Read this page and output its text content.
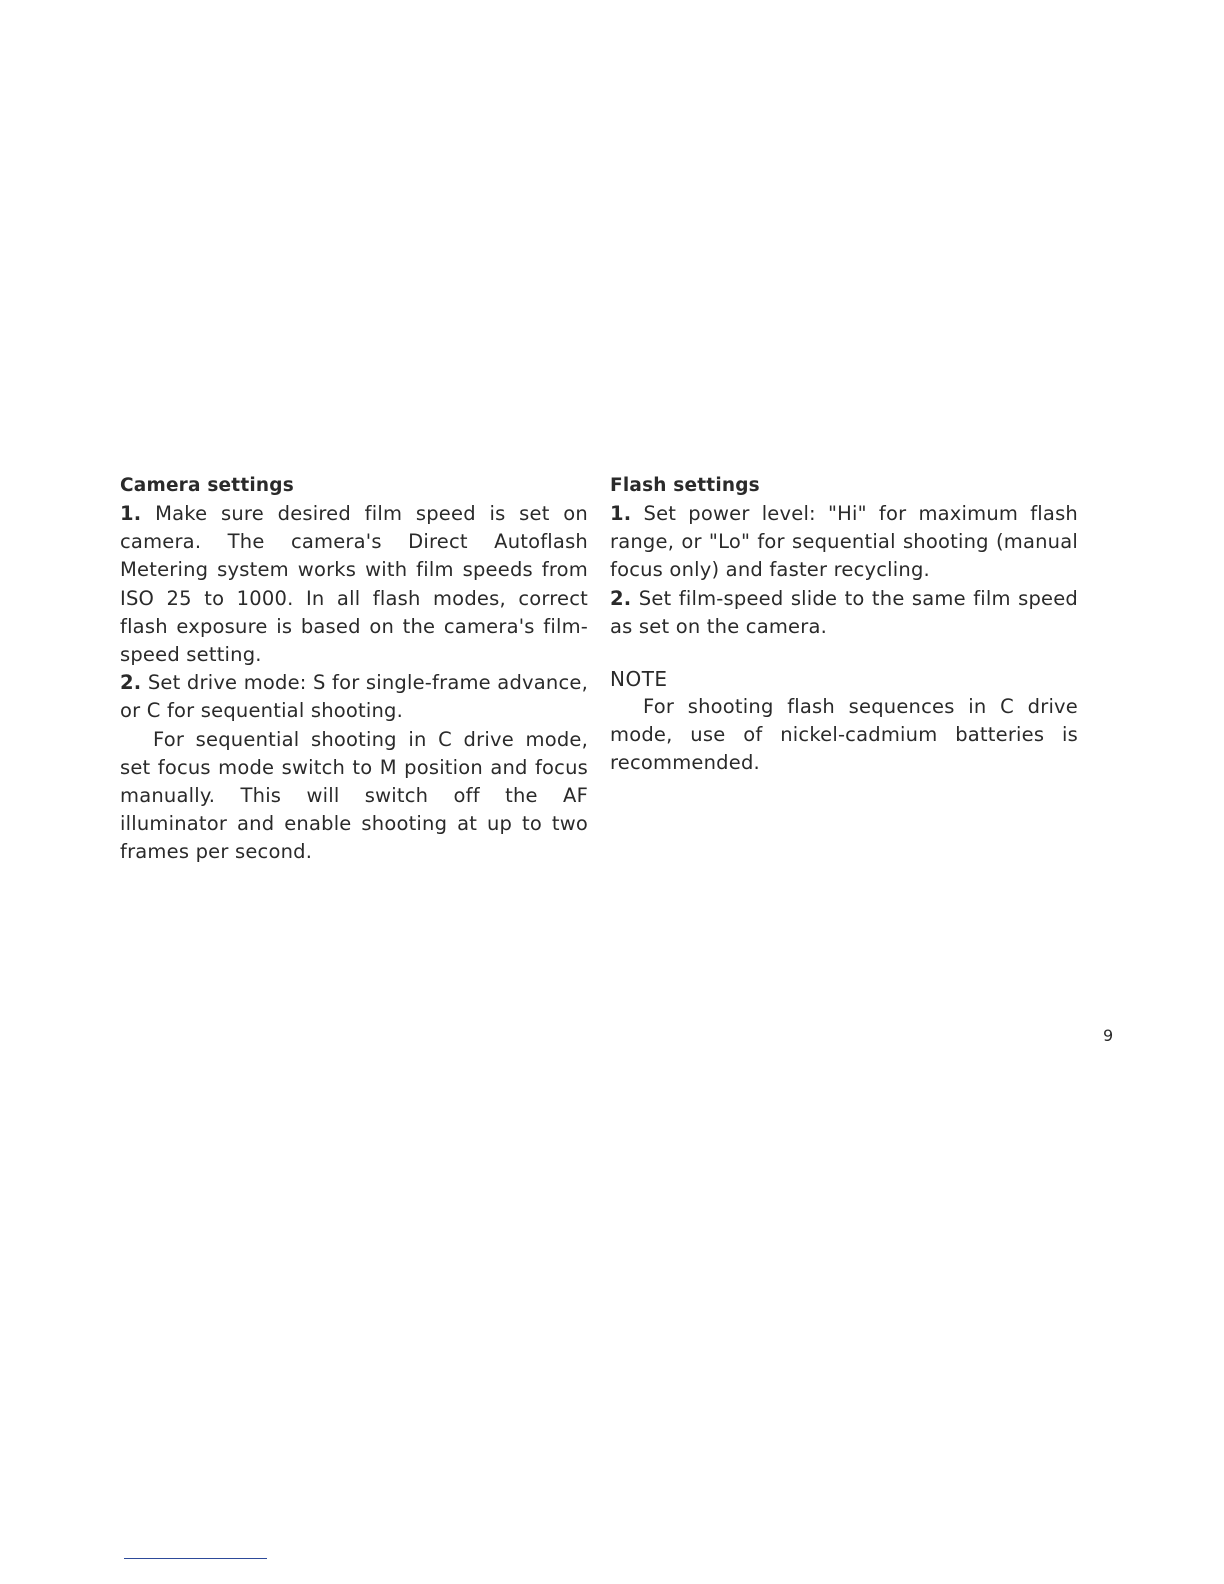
Camera settings

1. Make sure desired film speed is set on camera. The camera's Direct Autoflash Metering system works with film speeds from ISO 25 to 1000. In all flash modes, correct flash exposure is based on the camera's film-speed setting.

2. Set drive mode: S for single-frame advance, or C for sequential shooting.

For sequential shooting in C drive mode, set focus mode switch to M position and focus manually. This will switch off the AF illuminator and enable shooting at up to two frames per second.

Flash settings

1. Set power level: "Hi" for maximum flash range, or "Lo" for sequential shooting (manual focus only) and faster recycling.

2. Set film-speed slide to the same film speed as set on the camera.

NOTE

For shooting flash sequences in C drive mode, use of nickel-cadmium batteries is recommended.

9
